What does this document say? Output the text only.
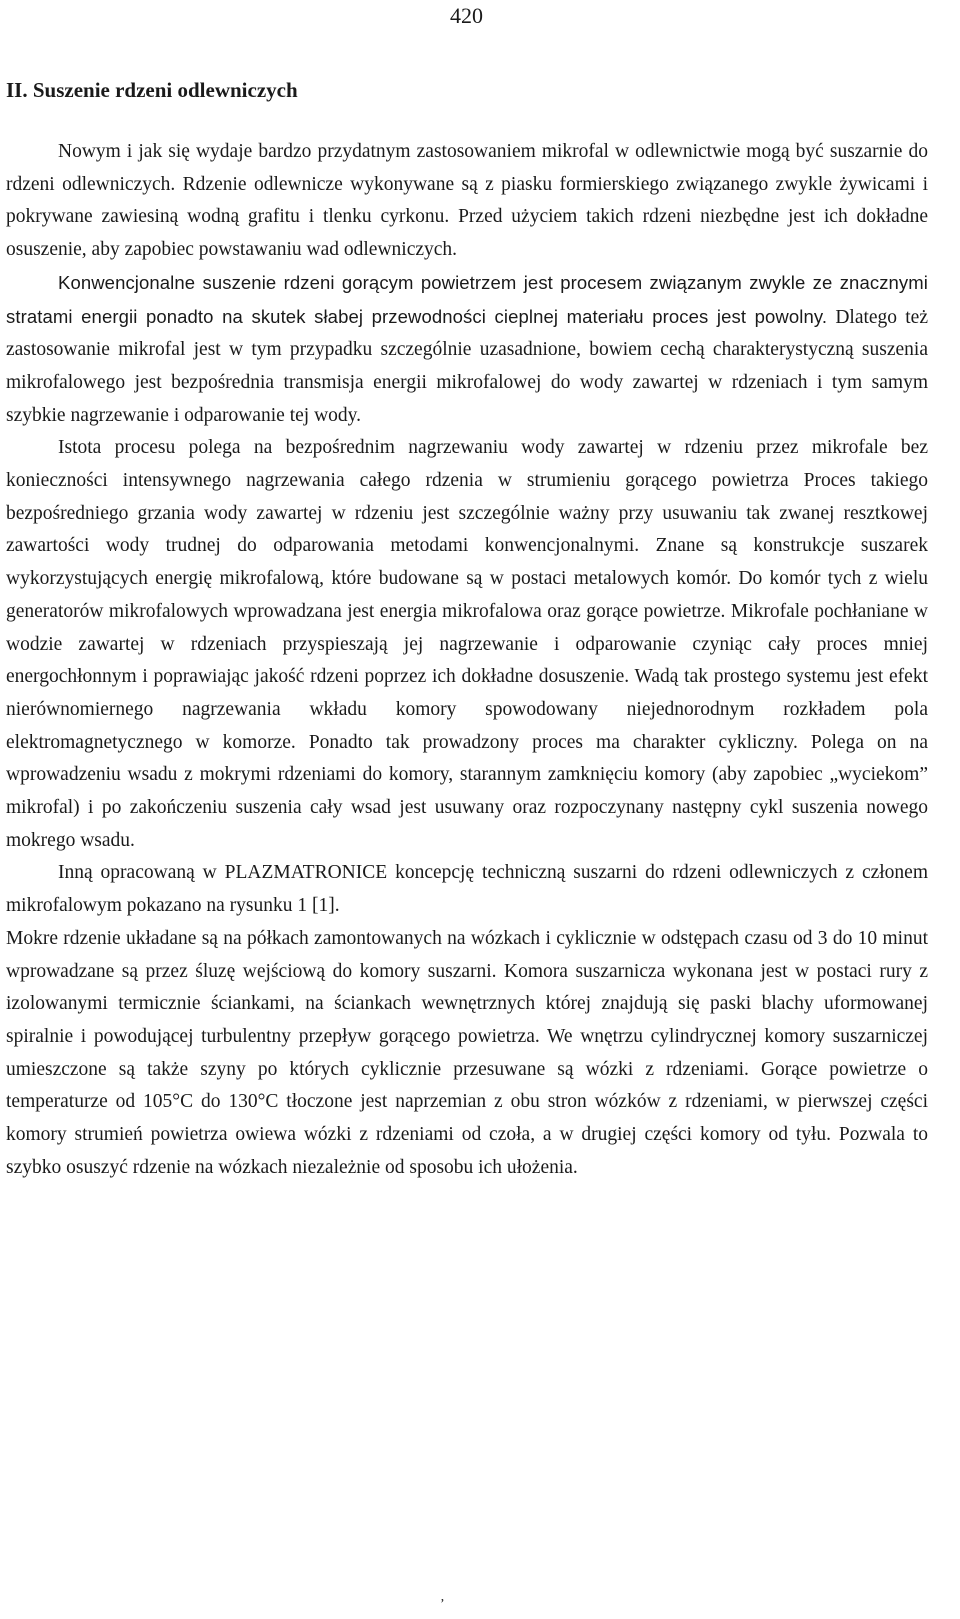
420
II. Suszenie rdzeni odlewniczych

Nowym i jak się wydaje bardzo przydatnym zastosowaniem mikrofal w odlewnictwie mogą być suszarnie do rdzeni odlewniczych. Rdzenie odlewnicze wykonywane są z piasku formierskiego związanego zwykle żywicami i pokrywane zawiesiną wodną grafitu i tlenku cyrkonu. Przed użyciem takich rdzeni niezbędne jest ich dokładne osuszenie, aby zapobiec powstawaniu wad odlewniczych.

Konwencjonalne suszenie rdzeni gorącym powietrzem jest procesem związanym zwykle ze znacznymi stratami energii ponadto na skutek słabej przewodności cieplnej materiału proces jest powolny. Dlatego też zastosowanie mikrofal jest w tym przypadku szczególnie uzasadnione, bowiem cechą charakterystyczną suszenia mikrofalowego jest bezpośrednia transmisja energii mikrofalowej do wody zawartej w rdzeniach i tym samym szybkie nagrzewanie i odparowanie tej wody.

Istota procesu polega na bezpośrednim nagrzewaniu wody zawartej w rdzeniu przez mikrofale bez konieczności intensywnego nagrzewania całego rdzenia w strumieniu gorącego powietrza Proces takiego bezpośredniego grzania wody zawartej w rdzeniu jest szczególnie ważny przy usuwaniu tak zwanej resztkowej zawartości wody trudnej do odparowania metodami konwencjonalnymi. Znane są konstrukcje suszarek wykorzystujących energię mikrofalową, które budowane są w postaci metalowych komór. Do komór tych z wielu generatorów mikrofalowych wprowadzana jest energia mikrofalowa oraz gorące powietrze. Mikrofale pochłaniane w wodzie zawartej w rdzeniach przyspieszają jej nagrzewanie i odparowanie czyniąc cały proces mniej energochłonnym i poprawiając jakość rdzeni poprzez ich dokładne dosuszenie. Wadą tak prostego systemu jest efekt nierównomiernego nagrzewania wkładu komory spowodowany niejednorodnym rozkładem pola elektromagnetycznego w komorze. Ponadto tak prowadzony proces ma charakter cykliczny. Polega on na wprowadzeniu wsadu z mokrymi rdzeniami do komory, starannym zamknięciu komory (aby zapobiec „wyciekom” mikrofal) i po zakończeniu suszenia cały wsad jest usuwany oraz rozpoczynany następny cykl suszenia nowego mokrego wsadu.

Inną opracowaną w PLAZMATRONICE koncepcję techniczną suszarni do rdzeni odlewniczych z członem mikrofalowym pokazano na rysunku 1 [1].

Mokre rdzenie układane są na półkach zamontowanych na wózkach i cyklicznie w odstępach czasu od 3 do 10 minut wprowadzane są przez śluzę wejściową do komory suszarni. Komora suszarnicza wykonana jest w postaci rury z izolowanymi termicznie ściankami, na ściankach wewnętrznych której znajdują się paski blachy uformowanej spiralnie i powodującej turbulentny przepływ gorącego powietrza. We wnętrzu cylindrycznej komory suszarniczej umieszczone są także szyny po których cyklicznie przesuwane są wózki z rdzeniami. Gorące powietrze o temperaturze od 105°C do 130°C tłoczone jest naprzemian z obu stron wózków z rdzeniami, w pierwszej części komory strumień powietrza owiewa wózki z rdzeniami od czoła, a w drugiej części komory od tyłu. Pozwala to szybko osuszyć rdzenie na wózkach niezależnie od sposobu ich ułożenia.

’
